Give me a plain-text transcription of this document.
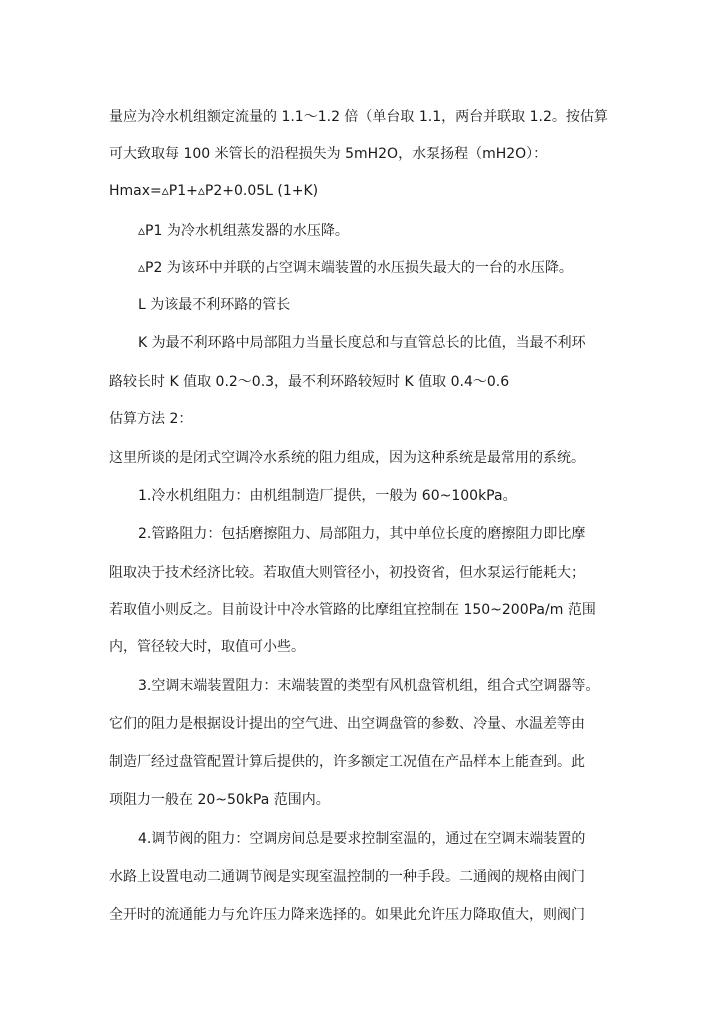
量应为冷水机组额定流量的 1.1～1.2 倍（单台取 1.1，两台并联取 1.2。按估算
可大致取每 100 米管长的沿程损失为 5mH2O，水泵扬程（mH2O）：
Hmax=▵P1+▵P2+0.05L (1+K)
▵P1 为冷水机组蒸发器的水压降。
▵P2 为该环中并联的占空调末端装置的水压损失最大的一台的水压降。
L 为该最不利环路的管长
K 为最不利环路中局部阻力当量长度总和与直管总长的比值，当最不利环
路较长时 K 值取 0.2～0.3，最不利环路较短时 K 值取 0.4～0.6
估算方法 2：
这里所谈的是闭式空调冷水系统的阻力组成，因为这种系统是最常用的系统。
1.冷水机组阻力：由机组制造厂提供，一般为 60~100kPa。
2.管路阻力：包括磨擦阻力、局部阻力，其中单位长度的磨擦阻力即比摩
阻取决于技术经济比较。若取值大则管径小，初投资省，但水泵运行能耗大；
若取值小则反之。目前设计中冷水管路的比摩组宜控制在 150~200Pa/m 范围
内，管径较大时，取值可小些。
3.空调末端装置阻力：末端装置的类型有风机盘管机组，组合式空调器等。
它们的阻力是根据设计提出的空气进、出空调盘管的参数、冷量、水温差等由
制造厂经过盘管配置计算后提供的，许多额定工况值在产品样本上能查到。此
项阻力一般在 20~50kPa 范围内。
4.调节阀的阻力：空调房间总是要求控制室温的，通过在空调末端装置的
水路上设置电动二通调节阀是实现室温控制的一种手段。二通阀的规格由阀门
全开时的流通能力与允许压力降来选择的。如果此允许压力降取值大，则阀门
